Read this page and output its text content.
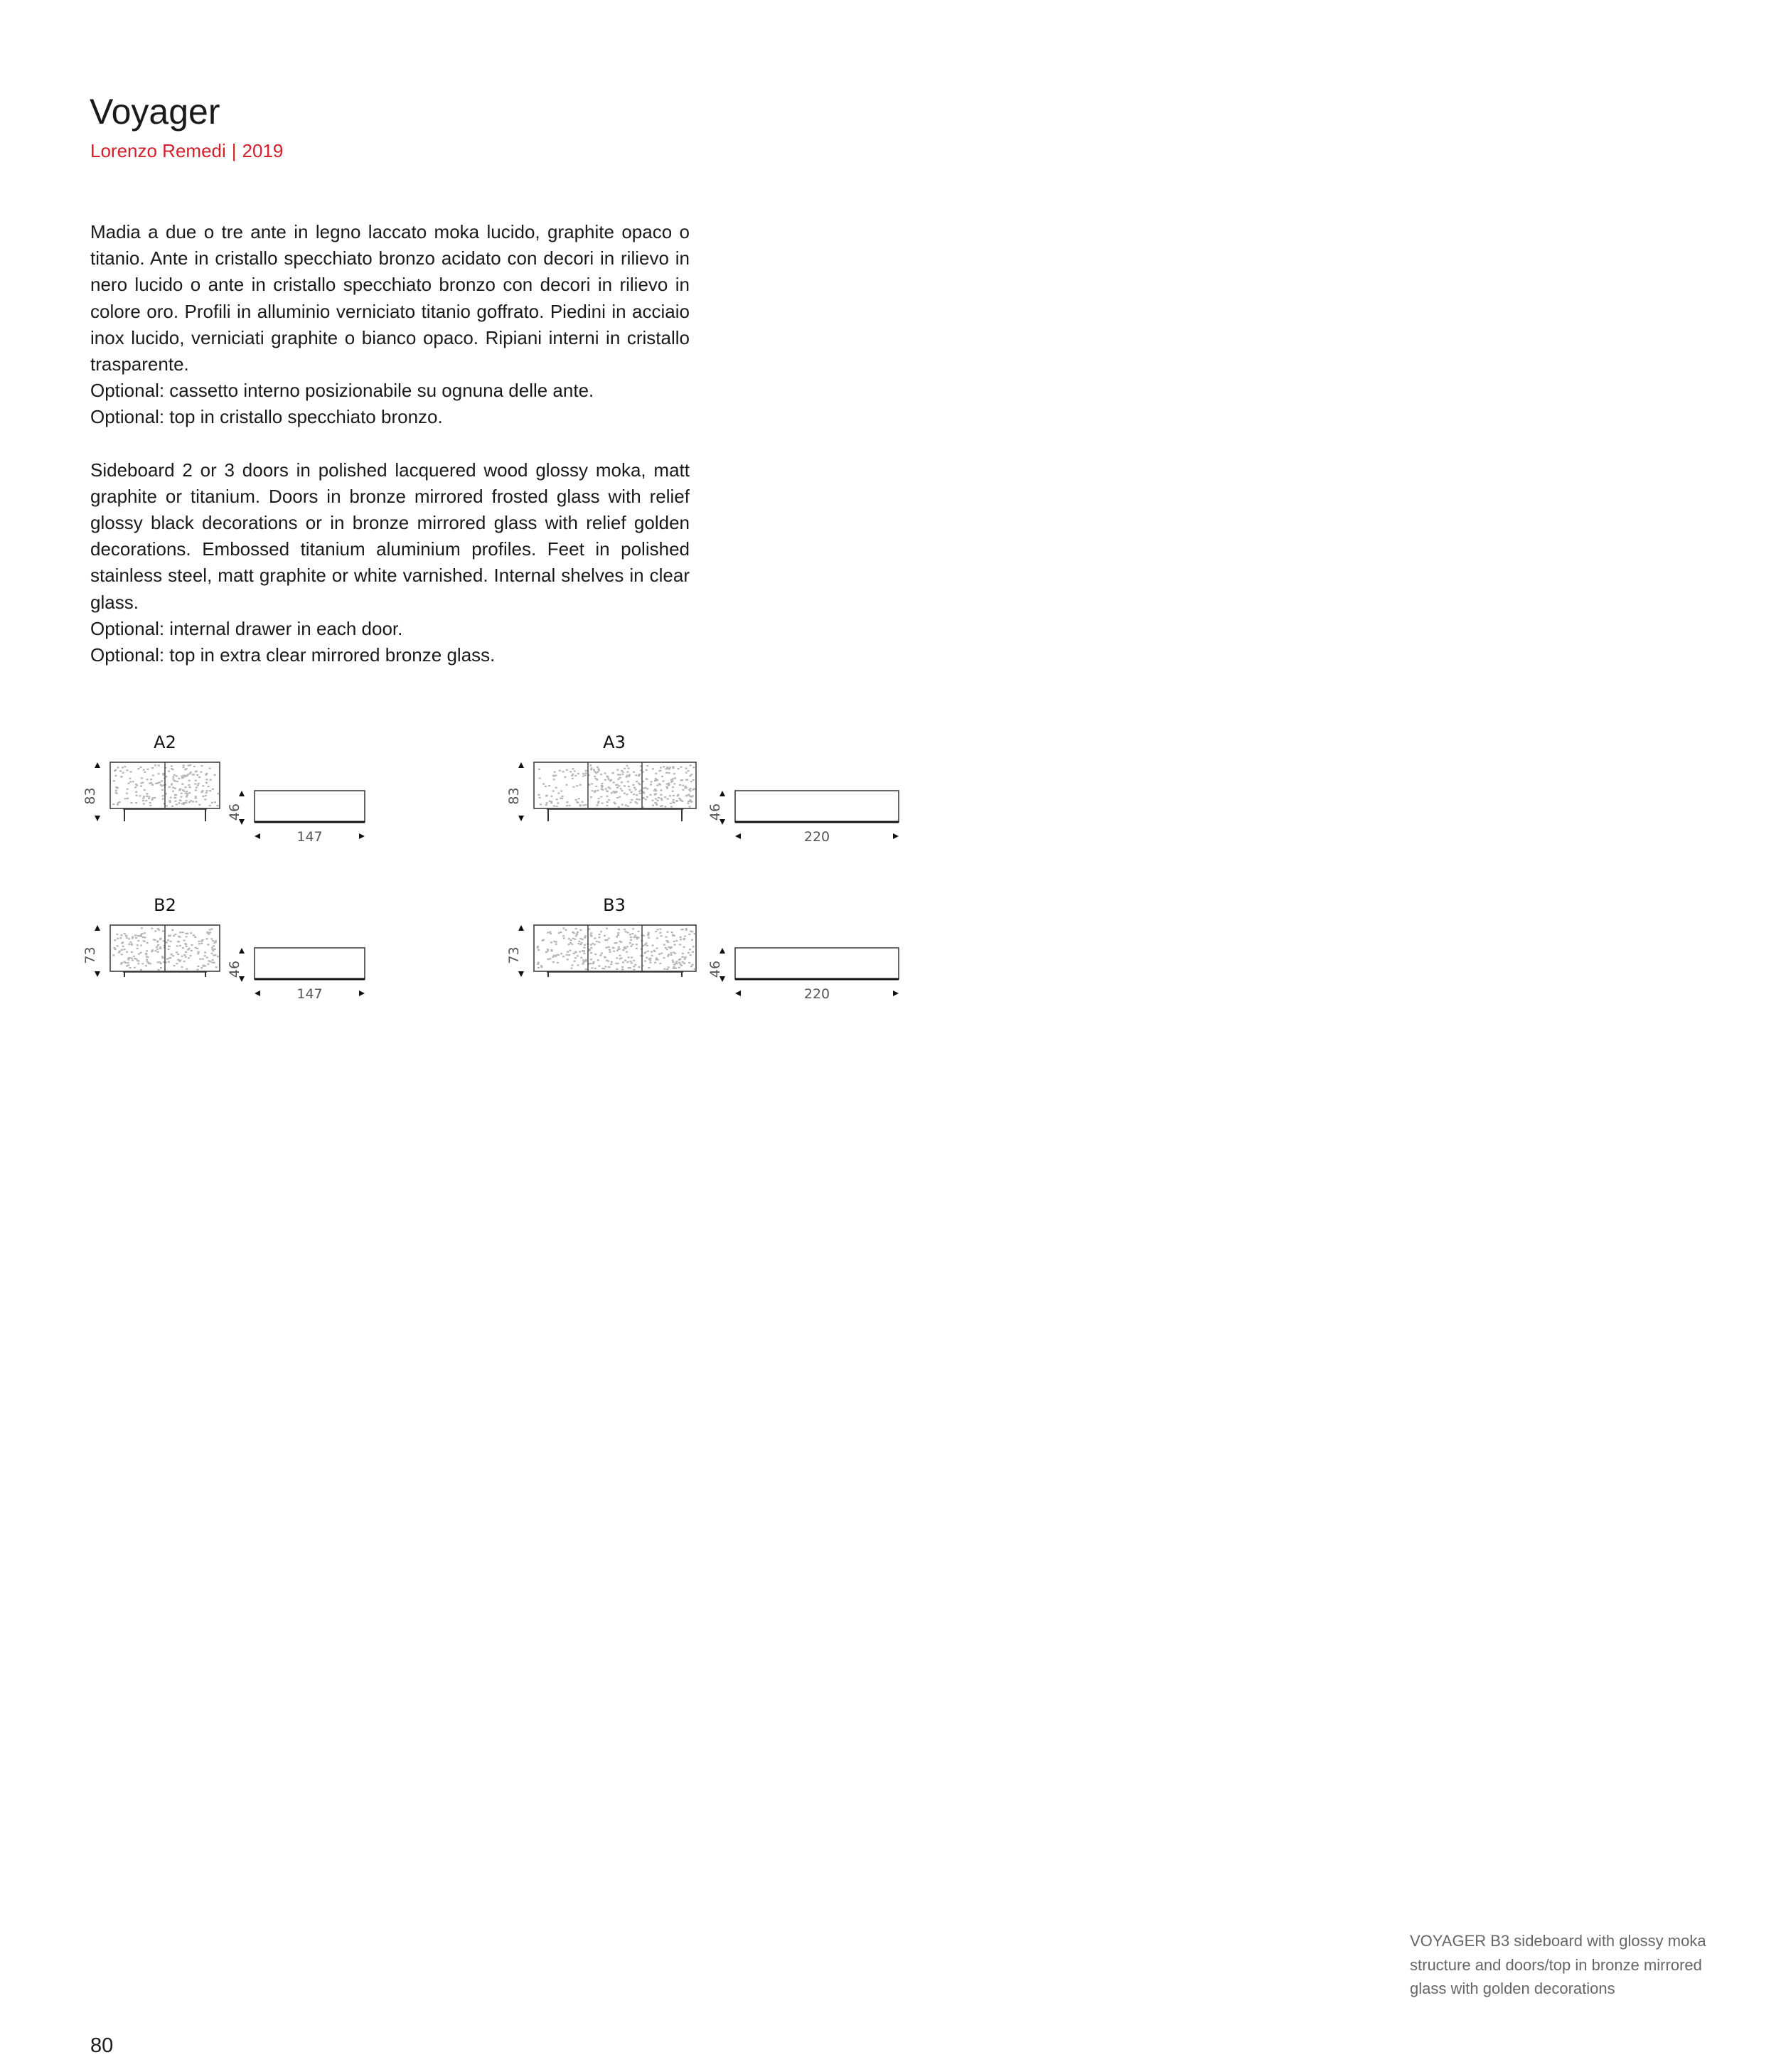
Voyager
Lorenzo Remedi | 2019

Madia a due o tre ante in legno laccato moka lucido, graphite opaco o titanio. Ante in cristallo specchiato bronzo acidato con decori in rilievo in nero lucido o ante in cristallo specchiato bronzo con decori in rilievo in colore oro. Profili in alluminio verniciato titanio goffrato. Piedini in acciaio inox lucido, verniciati graphite o bianco opaco. Ripiani interni in cristallo trasparente.

Optional: cassetto interno posizionabile su ognuna delle ante.

Optional: top in cristallo specchiato bronzo.

Sideboard 2 or 3 doors in polished lacquered wood glossy moka, matt graphite or titanium. Doors in bronze mirrored frosted glass with relief glossy black decorations or in bronze mirrored glass with relief golden decorations. Embossed titanium aluminium profiles. Feet in polished stainless steel, matt graphite or white varnished. Internal shelves in clear glass.

Optional: internal drawer in each door.

Optional: top in extra clear mirrored bronze glass.

A2
83
46
147
A3
83
46
220
B2
73
46
147
B3
73
46
220
VOYAGER B3 sideboard with glossy moka structure and doors/top in bronze mirrored glass with golden decorations
80
